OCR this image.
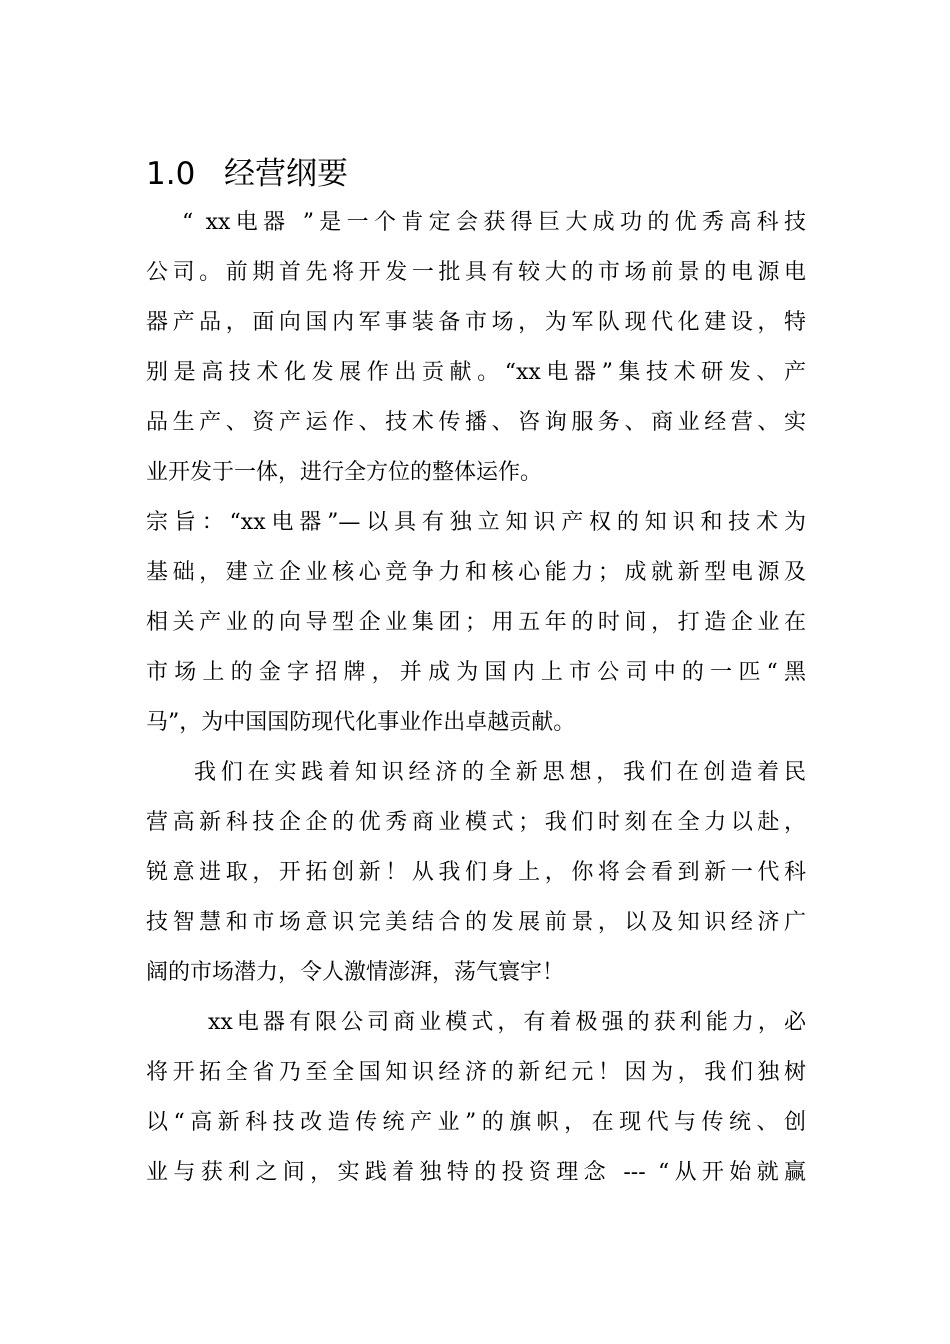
1.0 经营纲要
“ xx电器 ”是一个肯定会获得巨大成功的优秀高科技
公司。前期首先将开发一批具有较大的市场前景的电源电
器产品，面向国内军事装备市场，为军队现代化建设，特
别是高技术化发展作出贡献。“xx电器”集技术研发、产
品生产、资产运作、技术传播、咨询服务、商业经营、实
业开发于一体，进行全方位的整体运作。
宗旨：“xx电器”—以具有独立知识产权的知识和技术为
基础，建立企业核心竞争力和核心能力；成就新型电源及
相关产业的向导型企业集团；用五年的时间，打造企业在
市场上的金字招牌，并成为国内上市公司中的一匹“黑
马”，为中国国防现代化事业作出卓越贡献。
我们在实践着知识经济的全新思想，我们在创造着民
营高新科技企企的优秀商业模式；我们时刻在全力以赴，
锐意进取，开拓创新！从我们身上，你将会看到新一代科
技智慧和市场意识完美结合的发展前景，以及知识经济广
阔的市场潜力，令人激情澎湃，荡气寰宇！
xx电器有限公司商业模式，有着极强的获利能力，必
将开拓全省乃至全国知识经济的新纪元！因为，我们独树
以“高新科技改造传统产业”的旗帜，在现代与传统、创
业与获利之间，实践着独特的投资理念 --- “从开始就赢
